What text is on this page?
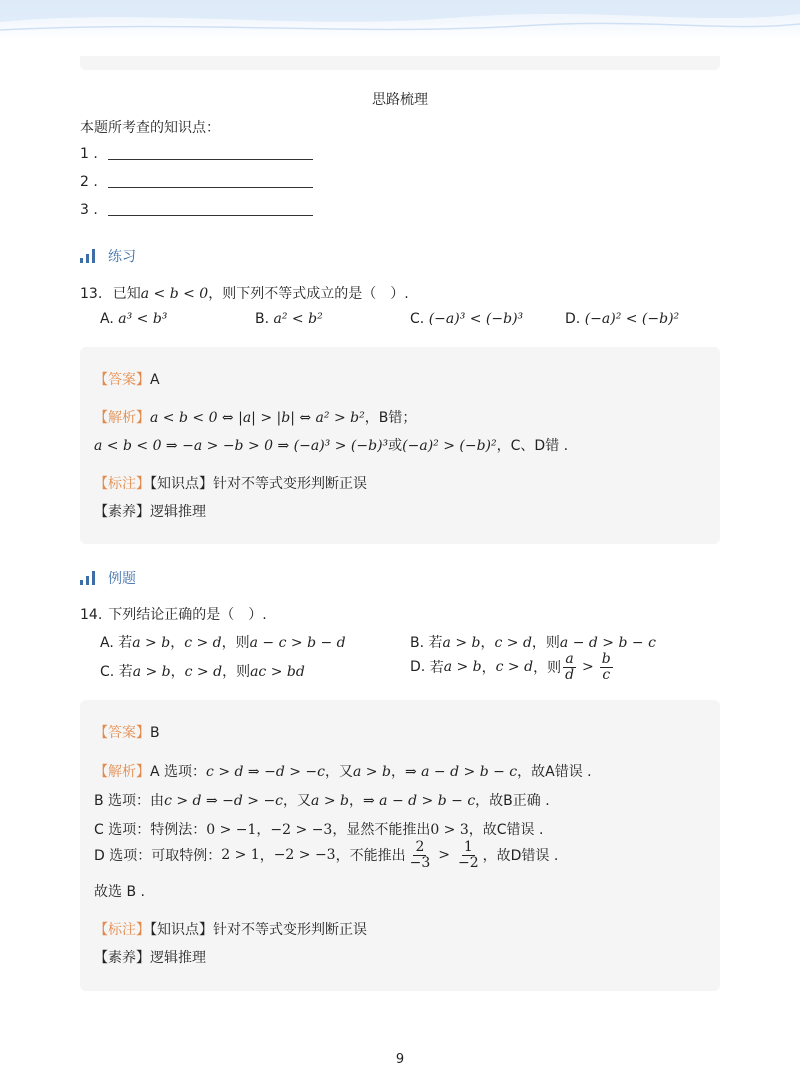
思路梳理
本题所考查的知识点：
1 .
2 .
3 .
练习
13. 已知a < b < 0，则下列不等式成立的是（　）.
A. a³ < b³	B. a² < b²	C. (−a)³ < (−b)³	D. (−a)² < (−b)²
【答案】A
【解析】a < b < 0 ⇔ |a| > |b| ⇔ a² > b²，B错；
a < b < 0 ⇒ −a > −b > 0 ⇒ (−a)³ > (−b)³或(−a)² > (−b)²，C、D错 .
【标注】【知识点】针对不等式变形判断正误
【素养】逻辑推理
例题
14. 下列结论正确的是（　）.
A. 若a > b，c > d，则a − c > b − d	B. 若a > b，c > d，则a − d > b − c
C. 若a > b，c > d，则ac > bd	D.
若 a > b ， c > d ，则 $\frac{a}{d} > \frac{b}{c}$
【答案】B
【解析】A 选项：c > d ⇒ −d > −c，又a > b，⇒ a − d > b − c，故A错误 .
B 选项：由c > d ⇒ −d > −c，又a > b，⇒ a − d > b − c，故B正确 .
C 选项：特例法：0 > −1，−2 > −3，显然不能推出0 > 3，故C错误 .
D 选项：可取特例： 2 > 1 ， −2 > −3 ，不能推出 $\frac{2}{-3} > \frac{1}{-2}$ ，故D错误 .
故选 B .
【标注】【知识点】针对不等式变形判断正误
【素养】逻辑推理
9
